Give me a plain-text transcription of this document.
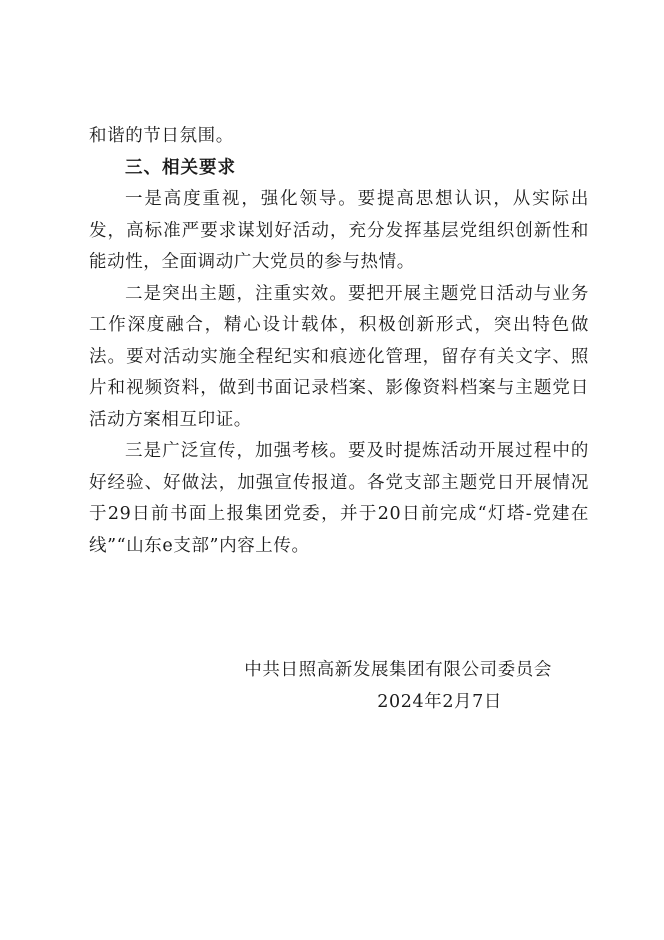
和谐的节日氛围。

三、相关要求

一是高度重视，强化领导。要提高思想认识，从实际出发，高标准严要求谋划好活动，充分发挥基层党组织创新性和能动性，全面调动广大党员的参与热情。

二是突出主题，注重实效。要把开展主题党日活动与业务工作深度融合，精心设计载体，积极创新形式，突出特色做法。要对活动实施全程纪实和痕迹化管理，留存有关文字、照片和视频资料，做到书面记录档案、影像资料档案与主题党日活动方案相互印证。

三是广泛宣传，加强考核。要及时提炼活动开展过程中的好经验、好做法，加强宣传报道。各党支部主题党日开展情况于29日前书面上报集团党委，并于20日前完成“灯塔-党建在线”“山东e支部”内容上传。

中共日照高新发展集团有限公司委员会
2024年2月7日
